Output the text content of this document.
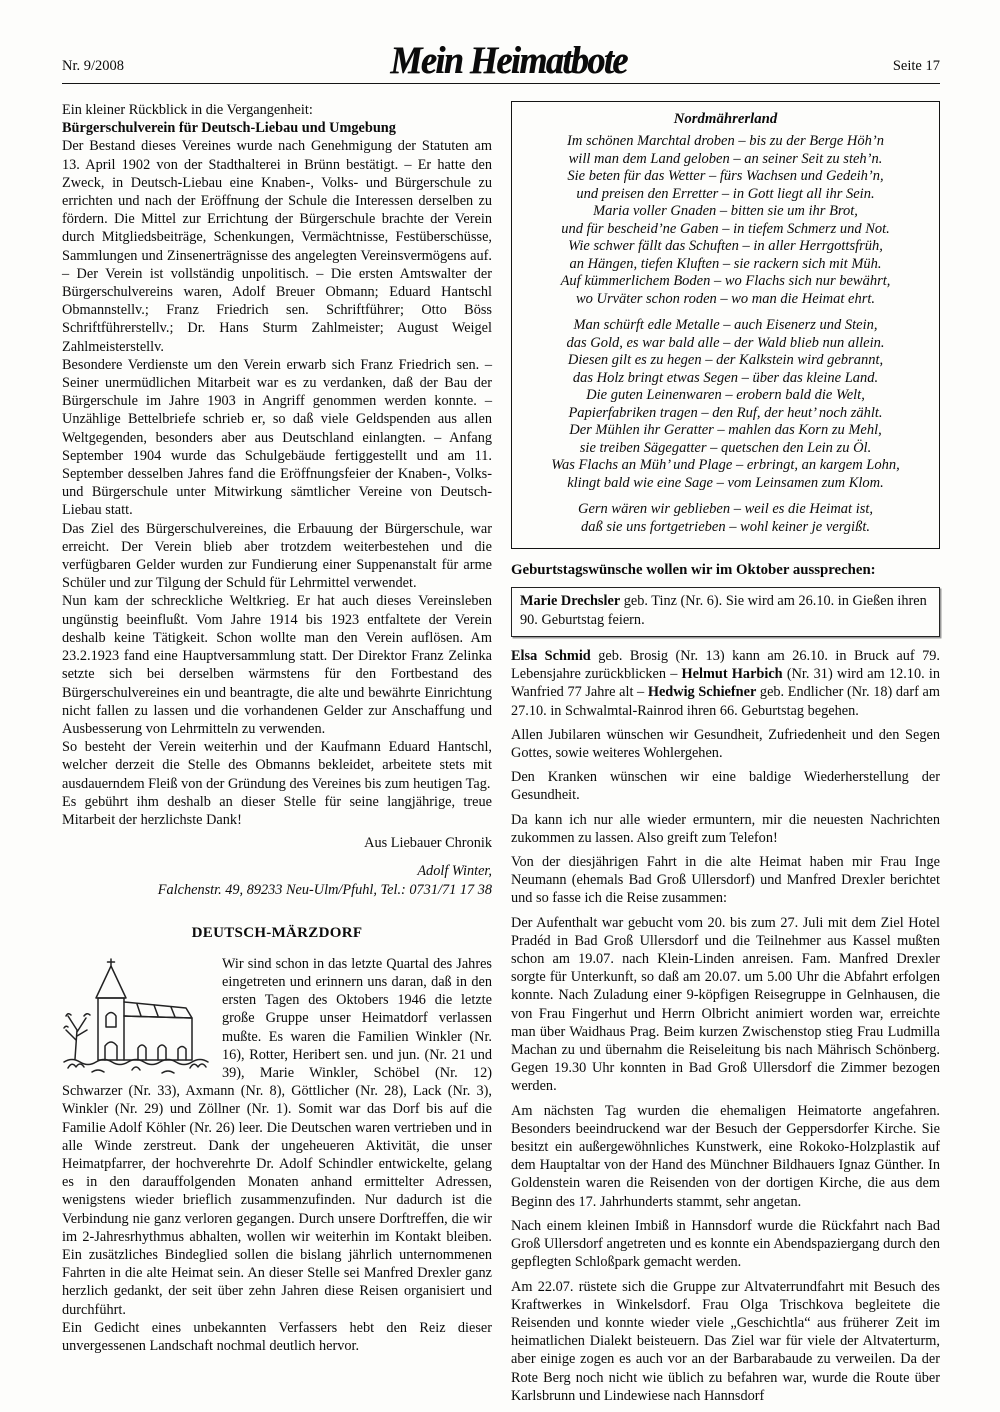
Nr. 9/2008	Mein Heimatbote	Seite 17

Ein kleiner Rückblick in die Vergangenheit:

Bürgerschulverein für Deutsch-Liebau und Umgebung

Der Bestand dieses Vereines wurde nach Genehmigung der Statuten am 13. April 1902 von der Stadthalterei in Brünn bestätigt. – Er hatte den Zweck, in Deutsch-Liebau eine Knaben-, Volks- und Bürgerschule zu errichten und nach der Eröffnung der Schule die Interessen derselben zu fördern. Die Mittel zur Errichtung der Bürgerschule brachte der Verein durch Mitgliedsbeiträge, Schenkungen, Vermächtnisse, Festüberschüsse, Sammlungen und Zinsenerträgnisse des angelegten Vereinsvermögens auf. – Der Verein ist vollständig unpolitisch. – Die ersten Amtswalter der Bürgerschulvereins waren, Adolf Breuer Obmann; Eduard Hantschl Obmannstellv.; Franz Friedrich sen. Schriftführer; Otto Böss Schriftführerstellv.; Dr. Hans Sturm Zahlmeister; August Weigel Zahlmeisterstellv.

Besondere Verdienste um den Verein erwarb sich Franz Friedrich sen. – Seiner unermüdlichen Mitarbeit war es zu verdanken, daß der Bau der Bürgerschule im Jahre 1903 in Angriff genommen werden konnte. – Unzählige Bettelbriefe schrieb er, so daß viele Geldspenden aus allen Weltgegenden, besonders aber aus Deutschland einlangten. – Anfang September 1904 wurde das Schulgebäude fertiggestellt und am 11. September desselben Jahres fand die Eröffnungsfeier der Knaben-, Volks- und Bürgerschule unter Mitwirkung sämtlicher Vereine von Deutsch-Liebau statt.

Das Ziel des Bürgerschulvereines, die Erbauung der Bürgerschule, war erreicht. Der Verein blieb aber trotzdem weiterbestehen und die verfügbaren Gelder wurden zur Fundierung einer Suppenanstalt für arme Schüler und zur Tilgung der Schuld für Lehrmittel verwendet.

Nun kam der schreckliche Weltkrieg. Er hat auch dieses Vereinsleben ungünstig beeinflußt. Vom Jahre 1914 bis 1923 entfaltete der Verein deshalb keine Tätigkeit. Schon wollte man den Verein auflösen. Am 23.2.1923 fand eine Hauptversammlung statt. Der Direktor Franz Zelinka setzte sich bei derselben wärmstens für den Fortbestand des Bürgerschulvereines ein und beantragte, die alte und bewährte Einrichtung nicht fallen zu lassen und die vorhandenen Gelder zur Anschaffung und Ausbesserung von Lehrmitteln zu verwenden.

So besteht der Verein weiterhin und der Kaufmann Eduard Hantschl, welcher derzeit die Stelle des Obmanns bekleidet, arbeitete stets mit ausdauerndem Fleiß von der Gründung des Vereines bis zum heutigen Tag.

Es gebührt ihm deshalb an dieser Stelle für seine langjährige, treue Mitarbeit der herzlichste Dank!

Aus Liebauer Chronik

Adolf Winter,

Falchenstr. 49, 89233 Neu-Ulm/Pfuhl, Tel.: 0731/71 17 38

DEUTSCH-MÄRZDORF

Wir sind schon in das letzte Quartal des Jahres eingetreten und erinnern uns daran, daß in den ersten Tagen des Oktobers 1946 die letzte große Gruppe unser Heimatdorf verlassen mußte. Es waren die Familien Winkler (Nr. 16), Rotter, Heribert sen. und jun. (Nr. 21 und 39), Marie Winkler, Schöbel (Nr. 12) Schwarzer (Nr. 33), Axmann (Nr. 8), Göttlicher (Nr. 28), Lack (Nr. 3), Winkler (Nr. 29) und Zöllner (Nr. 1). Somit war das Dorf bis auf die Familie Adolf Köhler (Nr. 26) leer. Die Deutschen waren vertrieben und in alle Winde zerstreut. Dank der ungeheueren Aktivität, die unser Heimatpfarrer, der hochverehrte Dr. Adolf Schindler entwickelte, gelang es in den darauffolgenden Monaten anhand ermittelter Adressen, wenigstens wieder brieflich zusammenzufinden. Nur dadurch ist die Verbindung nie ganz verloren gegangen. Durch unsere Dorftreffen, die wir im 2-Jahresrhythmus abhalten, wollen wir weiterhin im Kontakt bleiben. Ein zusätzliches Bindeglied sollen die bislang jährlich unternommenen Fahrten in die alte Heimat sein. An dieser Stelle sei Manfred Drexler ganz herzlich gedankt, der seit über zehn Jahren diese Reisen organisiert und durchführt.

Ein Gedicht eines unbekannten Verfassers hebt den Reiz dieser unvergessenen Landschaft nochmal deutlich hervor.

Nordmährerland
Im schönen Marchtal droben – bis zu der Berge Höh’n
will man dem Land geloben – an seiner Seit zu steh’n.
Sie beten für das Wetter – fürs Wachsen und Gedeih’n,
und preisen den Erretter – in Gott liegt all ihr Sein.
Maria voller Gnaden – bitten sie um ihr Brot,
und für bescheid’ne Gaben – in tiefem Schmerz und Not.
Wie schwer fällt das Schuften – in aller Herrgottsfrüh,
an Hängen, tiefen Kluften – sie rackern sich mit Müh.
Auf kümmerlichem Boden – wo Flachs sich nur bewährt,
wo Urväter schon roden – wo man die Heimat ehrt.
Man schürft edle Metalle – auch Eisenerz und Stein,
das Gold, es war bald alle – der Wald blieb nun allein.
Diesen gilt es zu hegen – der Kalkstein wird gebrannt,
das Holz bringt etwas Segen – über das kleine Land.
Die guten Leinenwaren – erobern bald die Welt,
Papierfabriken tragen – den Ruf, der heut’ noch zählt.
Der Mühlen ihr Geratter – mahlen das Korn zu Mehl,
sie treiben Sägegatter – quetschen den Lein zu Öl.
Was Flachs an Müh’ und Plage – erbringt, an kargem Lohn,
klingt bald wie eine Sage – vom Leinsamen zum Klom.
Gern wären wir geblieben – weil es die Heimat ist,
daß sie uns fortgetrieben – wohl keiner je vergißt.

Geburtstagswünsche wollen wir im Oktober aussprechen:

Marie Drechsler geb. Tinz (Nr. 6). Sie wird am 26.10. in Gießen ihren 90. Geburtstag feiern.

Elsa Schmid geb. Brosig (Nr. 13) kann am 26.10. in Bruck auf 79. Lebensjahre zurückblicken – Helmut Harbich (Nr. 31) wird am 12.10. in Wanfried 77 Jahre alt – Hedwig Schiefner geb. Endlicher (Nr. 18) darf am 27.10. in Schwalmtal-Rainrod ihren 66. Geburtstag begehen.

Allen Jubilaren wünschen wir Gesundheit, Zufriedenheit und den Segen Gottes, sowie weiteres Wohlergehen.

Den Kranken wünschen wir eine baldige Wiederherstellung der Gesundheit.

Da kann ich nur alle wieder ermuntern, mir die neuesten Nachrichten zukommen zu lassen. Also greift zum Telefon!

Von der diesjährigen Fahrt in die alte Heimat haben mir Frau Inge Neumann (ehemals Bad Groß Ullersdorf) und Manfred Drexler berichtet und so fasse ich die Reise zusammen:

Der Aufenthalt war gebucht vom 20. bis zum 27. Juli mit dem Ziel Hotel Pradéd in Bad Groß Ullersdorf und die Teilnehmer aus Kassel mußten schon am 19.07. nach Klein-Linden anreisen. Fam. Manfred Drexler sorgte für Unterkunft, so daß am 20.07. um 5.00 Uhr die Abfahrt erfolgen konnte. Nach Zuladung einer 9-köpfigen Reisegruppe in Gelnhausen, die von Frau Fingerhut und Herrn Olbricht animiert worden war, erreichte man über Waidhaus Prag. Beim kurzen Zwischenstop stieg Frau Ludmilla Machan zu und übernahm die Reiseleitung bis nach Mährisch Schönberg. Gegen 19.30 Uhr konnten in Bad Groß Ullersdorf die Zimmer bezogen werden.

Am nächsten Tag wurden die ehemaligen Heimatorte angefahren. Besonders beeindruckend war der Besuch der Geppersdorfer Kirche. Sie besitzt ein außergewöhnliches Kunstwerk, eine Rokoko-Holzplastik auf dem Hauptaltar von der Hand des Münchner Bildhauers Ignaz Günther. In Goldenstein waren die Reisenden von der dortigen Kirche, die aus dem Beginn des 17. Jahrhunderts stammt, sehr angetan.

Nach einem kleinen Imbiß in Hannsdorf wurde die Rückfahrt nach Bad Groß Ullersdorf angetreten und es konnte ein Abendspaziergang durch den gepflegten Schloßpark gemacht werden.

Am 22.07. rüstete sich die Gruppe zur Altvaterrundfahrt mit Besuch des Kraftwerkes in Winkelsdorf. Frau Olga Trischkova begleitete die Reisenden und konnte wieder viele „Geschichtla“ aus früherer Zeit im heimatlichen Dialekt beisteuern. Das Ziel war für viele der Altvaterturm, aber einige zogen es auch vor an der Barbarabaude zu verweilen. Da der Rote Berg noch nicht wie üblich zu befahren war, wurde die Route über Karlsbrunn und Lindewiese nach Hannsdorf
